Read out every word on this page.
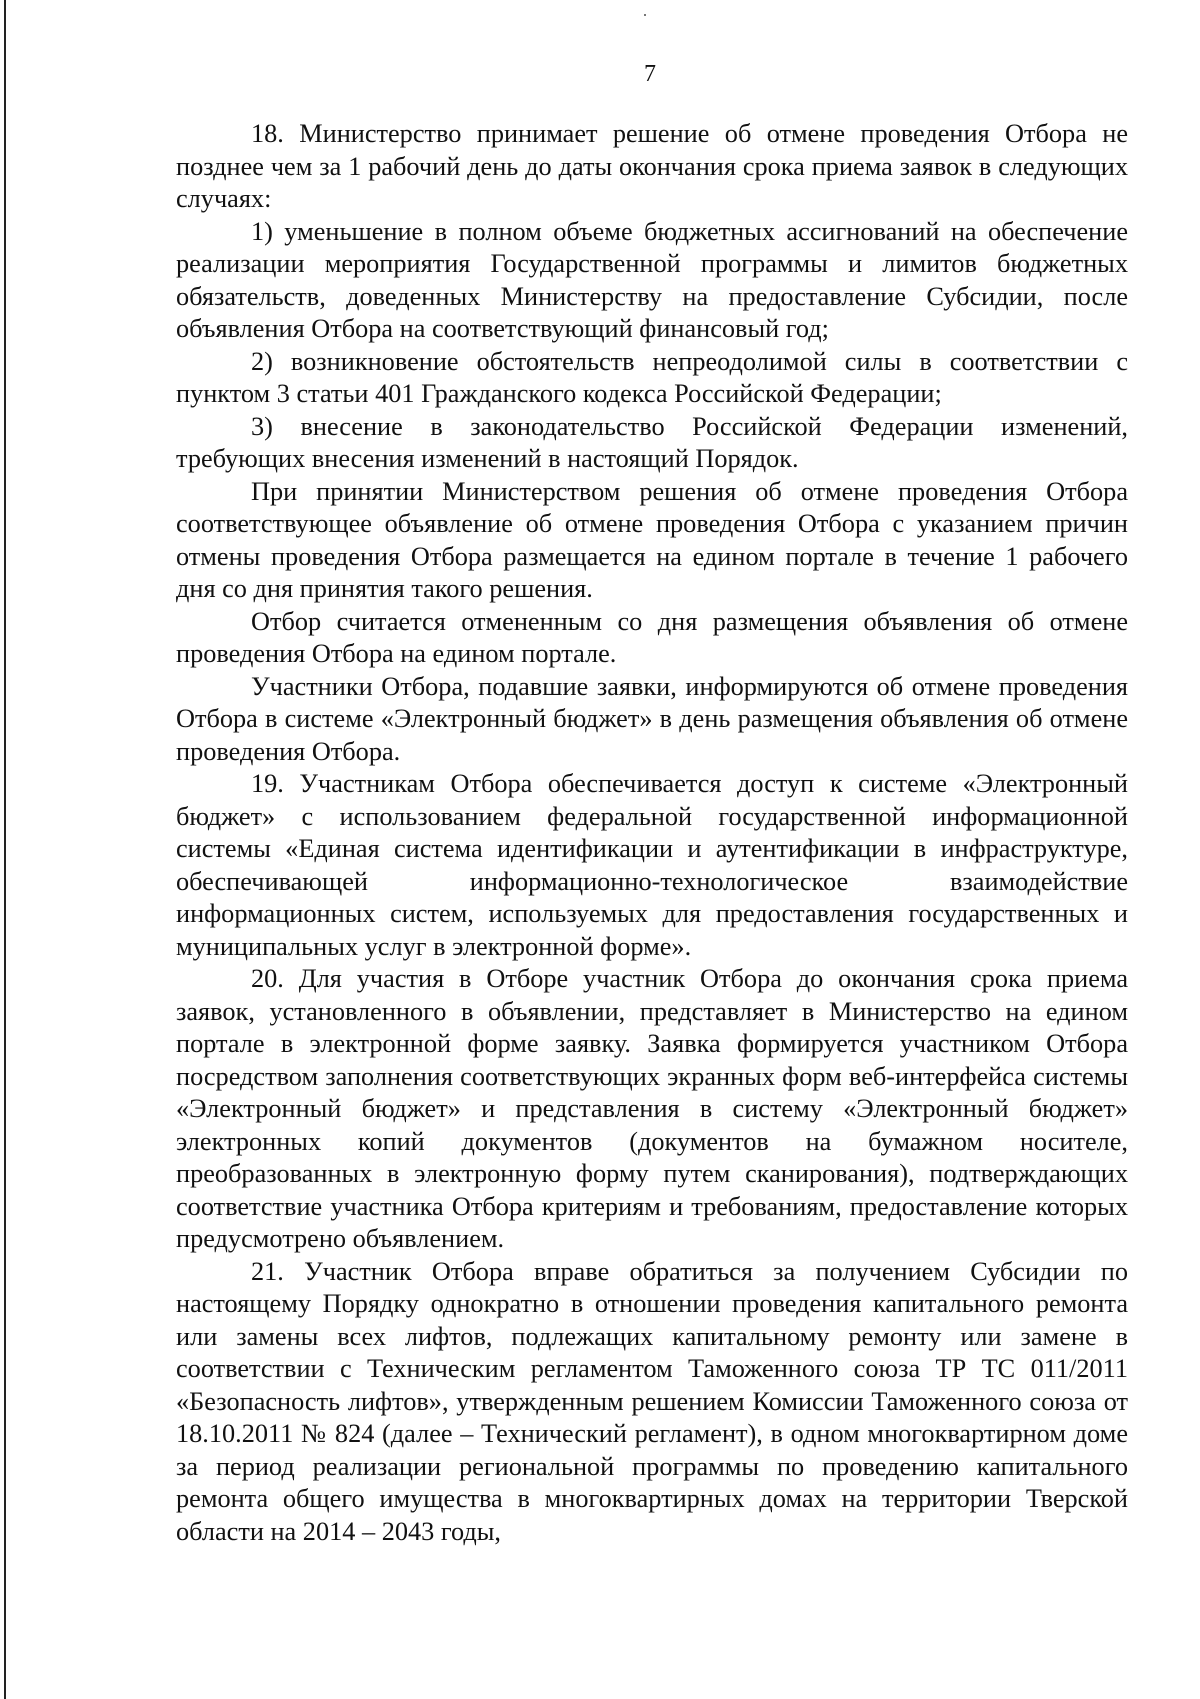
7

18. Министерство принимает решение об отмене проведения Отбора не позднее чем за 1 рабочий день до даты окончания срока приема заявок в следующих случаях:

1) уменьшение в полном объеме бюджетных ассигнований на обеспечение реализации мероприятия Государственной программы и лимитов бюджетных обязательств, доведенных Министерству на предоставление Субсидии, после объявления Отбора на соответствующий финансовый год;

2) возникновение обстоятельств непреодолимой силы в соответствии с пунктом 3 статьи 401 Гражданского кодекса Российской Федерации;

3) внесение в законодательство Российской Федерации изменений, требующих внесения изменений в настоящий Порядок.

При принятии Министерством решения об отмене проведения Отбора соответствующее объявление об отмене проведения Отбора с указанием причин отмены проведения Отбора размещается на едином портале в течение 1 рабочего дня со дня принятия такого решения.

Отбор считается отмененным со дня размещения объявления об отмене проведения Отбора на едином портале.

Участники Отбора, подавшие заявки, информируются об отмене проведения Отбора в системе «Электронный бюджет» в день размещения объявления об отмене проведения Отбора.

19. Участникам Отбора обеспечивается доступ к системе «Электронный бюджет» с использованием федеральной государственной информационной системы «Единая система идентификации и аутентификации в инфраструктуре, обеспечивающей информационно-технологическое взаимодействие информационных систем, используемых для предоставления государственных и муниципальных услуг в электронной форме».

20. Для участия в Отборе участник Отбора до окончания срока приема заявок, установленного в объявлении, представляет в Министерство на едином портале в электронной форме заявку. Заявка формируется участником Отбора посредством заполнения соответствующих экранных форм веб-интерфейса системы «Электронный бюджет» и представления в систему «Электронный бюджет» электронных копий документов (документов на бумажном носителе, преобразованных в электронную форму путем сканирования), подтверждающих соответствие участника Отбора критериям и требованиям, предоставление которых предусмотрено объявлением.

21. Участник Отбора вправе обратиться за получением Субсидии по настоящему Порядку однократно в отношении проведения капитального ремонта или замены всех лифтов, подлежащих капитальному ремонту или замене в соответствии с Техническим регламентом Таможенного союза ТР ТС 011/2011 «Безопасность лифтов», утвержденным решением Комиссии Таможенного союза от 18.10.2011 № 824 (далее – Технический регламент), в одном многоквартирном доме за период реализации региональной программы по проведению капитального ремонта общего имущества в многоквартирных домах на территории Тверской области на 2014 – 2043 годы,
